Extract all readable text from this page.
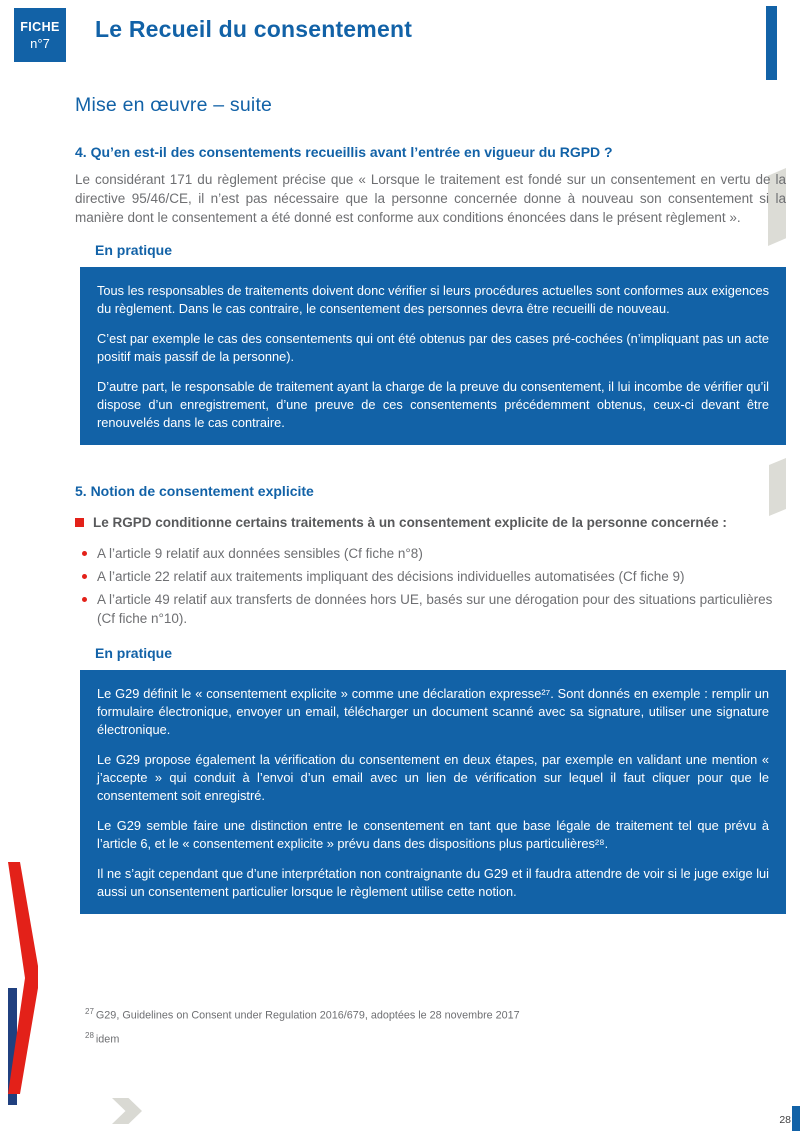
FICHE
n°7
Le Recueil du consentement
Mise en œuvre – suite
4. Qu’en est-il des consentements recueillis avant l’entrée en vigueur du RGPD ?

Le considérant 171 du règlement précise que « Lorsque le traitement est fondé sur un consentement en vertu de la directive 95/46/CE, il n’est pas nécessaire que la personne concernée donne à nouveau son consentement si la manière dont le consentement a été donné est conforme aux conditions énoncées dans le présent règlement ».

En pratique

Tous les responsables de traitements doivent donc vérifier si leurs procédures actuelles sont conformes aux exigences du règlement. Dans le cas contraire, le consentement des personnes devra être recueilli de nouveau.

C’est par exemple le cas des consentements qui ont été obtenus par des cases pré-cochées (n’impliquant pas un acte positif mais passif de la personne).

D’autre part, le responsable de traitement ayant la charge de la preuve du consentement, il lui incombe de vérifier qu’il dispose d’un enregistrement, d’une preuve de ces consentements précédemment obtenus, ceux-ci devant être renouvelés dans le cas contraire.

5. Notion de consentement explicite

Le RGPD conditionne certains traitements à un consentement explicite de la personne concernée :

A l’article 9 relatif aux données sensibles (Cf fiche n°8)
A l’article 22 relatif aux traitements impliquant des décisions individuelles automatisées (Cf fiche 9)
A l’article 49 relatif aux transferts de données hors UE, basés sur une dérogation pour des situations particulières (Cf fiche n°10).
En pratique

Le G29 définit le « consentement explicite » comme une déclaration expresse²⁷. Sont donnés en exemple : remplir un formulaire électronique, envoyer un email, télécharger un document scanné avec sa signature, utiliser une signature électronique.

Le G29 propose également la vérification du consentement en deux étapes, par exemple en validant une mention « j’accepte » qui conduit à l’envoi d’un email avec un lien de vérification sur lequel il faut cliquer pour que le consentement soit enregistré.

Le G29 semble faire une distinction entre le consentement en tant que base légale de traitement tel que prévu à l’article 6, et le « consentement explicite » prévu dans des dispositions plus particulières²⁸.

Il ne s’agit cependant que d’une interprétation non contraignante du G29 et il faudra attendre de voir si le juge exige lui aussi un consentement particulier lorsque le règlement utilise cette notion.

$^{27}$ G29, Guidelines on Consent under Regulation 2016/679, adoptées le 28 novembre 2017
$^{28}$ idem
28
